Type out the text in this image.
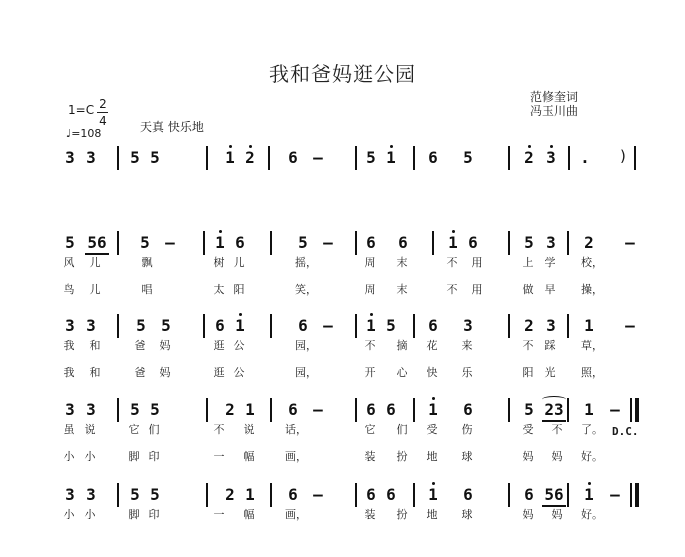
我和爸妈逛公园
范修奎词
冯玉川曲
1=C 2
4
♩=108	天真 快乐地
)
3 3 5 5	1 2 6 –	5 1 6 5	2 3 .
5 56 5 –	1 6	5 – 6 6	1 6	5 3 2 –
风 儿	飘	树 儿	摇，	周 末	不 用	上 学 校，
鸟 儿	唱	太 阳	笑，	周 末	不 用	做 早 操，
3 3	5 5	6 1	6 – 1 5 6 3	2 3 1 –
我 和	爸 妈	逛 公	园，	不 摘 花 来	不 踩 草，
我 和	爸 妈	逛 公	园，	开 心 快 乐	阳 光 照，
3 3 5 5	2 1 6 –	6 6 1 6	5 23 1 –
D.C.
虽 说	它 们	不 说	话，	它 们 受 伤	受 不 了。
小 小	脚 印	一 幅	画，	装 扮 地 球	妈 妈 好。
3 3 5 5	2 1 6 –	6 6 1 6	6 56 1 –
小 小	脚 印	一 幅	画，	装 扮 地 球	妈 妈 好。
